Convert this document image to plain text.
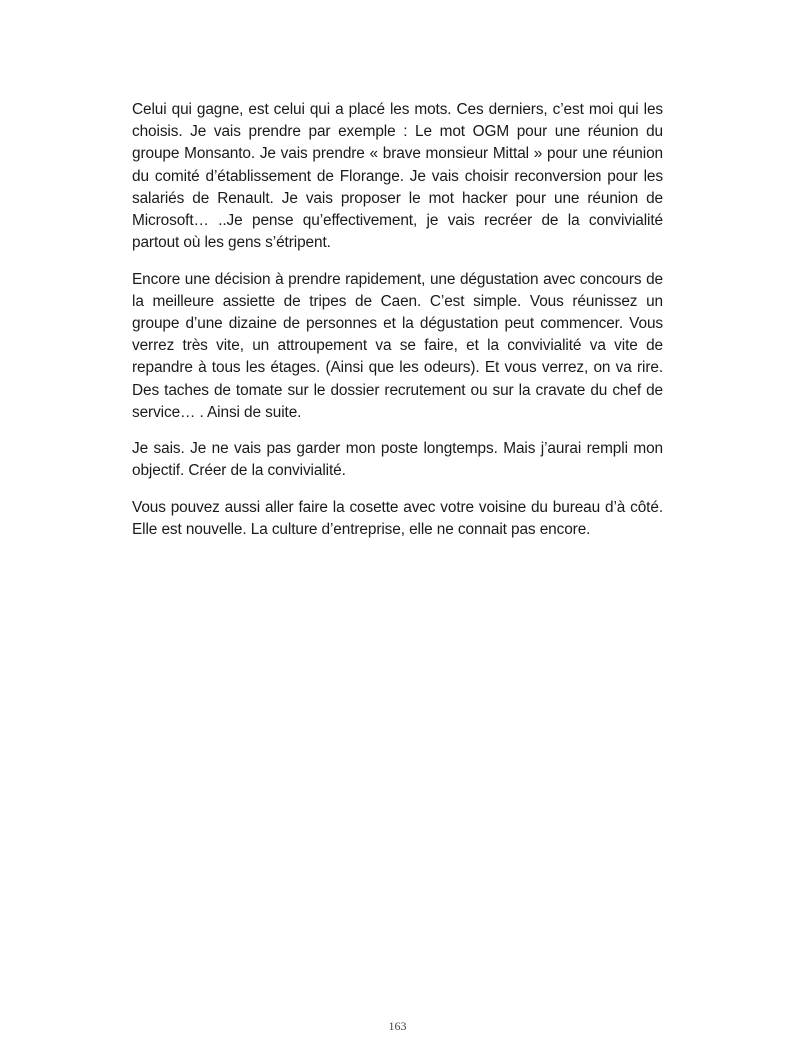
Celui qui gagne, est celui qui a placé les mots. Ces derniers, c’est moi qui les choisis. Je vais prendre par exemple : Le mot OGM pour une réunion du groupe Monsanto. Je vais prendre « brave monsieur Mittal » pour une réunion du comité d’établissement de Florange. Je vais choisir reconversion pour les salariés de Renault. Je vais proposer le mot hacker pour une réunion de Microsoft… ..Je pense qu’effectivement, je vais recréer de la convivialité partout où les gens s’étripent.

Encore une décision à prendre rapidement, une dégustation avec concours de la meilleure assiette de tripes de Caen. C’est simple. Vous réunissez un groupe d’une dizaine de personnes et la dégustation peut commencer. Vous verrez très vite, un attroupement va se faire, et la convivialité va vite de repandre à tous les étages. (Ainsi que les odeurs). Et vous verrez, on va rire. Des taches de tomate sur le dossier recrutement ou sur la cravate du chef de service… . Ainsi de suite.

Je sais. Je ne vais pas garder mon poste longtemps. Mais j’aurai rempli mon objectif. Créer de la convivialité.

Vous pouvez aussi aller faire la cosette avec votre voisine du bureau d’à côté. Elle est nouvelle. La culture d’entreprise, elle ne connait pas encore.

163
